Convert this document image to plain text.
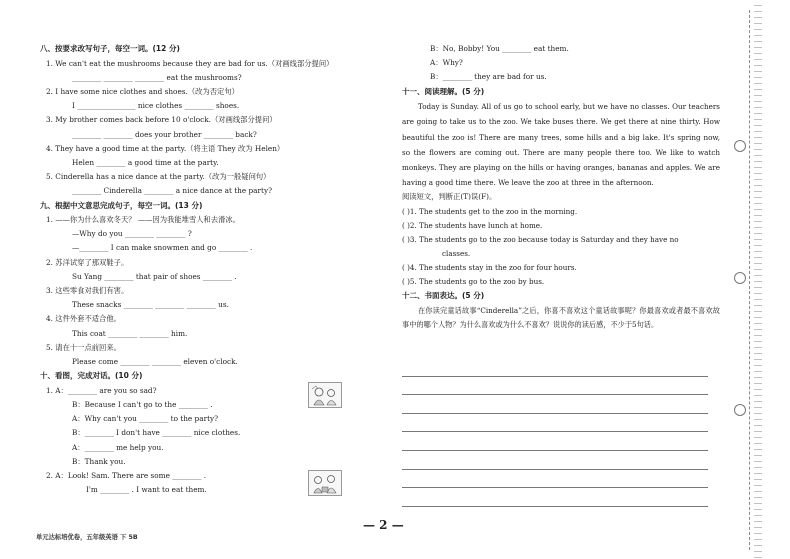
八、按要求改写句子，每空一词。(12 分)
1. We can't eat the mushrooms because they are bad for us.（对画线部分提问）
________ ________ ________ eat the mushrooms?
2. I have some nice clothes and shoes.（改为否定句）
I ________________ nice clothes ________ shoes.
3. My brother comes back before 10 o'clock.（对画线部分提问）
________ ________ does your brother ________ back?
4. They have a good time at the party.（将主语 They 改为 Helen）
Helen ________ a good time at the party.
5. Cinderella has a nice dance at the party.（改为一般疑问句）
________ Cinderella ________ a nice dance at the party?
九、根据中文意思完成句子，每空一词。(13 分)
1. ——你为什么喜欢冬天？ ——因为我能堆雪人和去滑冰。
—Why do you ________ ________ ?
—________ I can make snowmen and go ________ .
2. 苏洋试穿了那双鞋子。
Su Yang ________ that pair of shoes ________ .
3. 这些零食对我们有害。
These snacks ________ ________ ________ us.
4. 这件外套不适合他。
This coat ________ ________ him.
5. 请在十一点前回来。
Please come ________ ________ eleven o'clock.
十、看图，完成对话。(10 分)
1. A：________ are you so sad?
B：Because I can't go to the ________ .
A：Why can't you ________ to the party?
B：________ I don't have ________ nice clothes.
A：________ me help you.
B：Thank you.
2. A：Look! Sam. There are some ________ .
I'm ________ . I want to eat them.
B：No, Bobby! You ________ eat them.
A：Why?
B：________ they are bad for us.
十一、阅读理解。(5 分)
Today is Sunday. All of us go to school early, but we have no classes. Our teachers are going to take us to the zoo. We take buses there. We get there at nine thirty. How beautiful the zoo is! There are many trees, some hills and a big lake. It's spring now, so the flowers are coming out. There are many people there too. We like to watch monkeys. They are playing on the hills or having oranges, bananas and apples. We are having a good time there. We leave the zoo at three in the afternoon.
阅读短文，判断正(T)误(F)。
( )1. The students get to the zoo in the morning.
( )2. The students have lunch at home.
( )3. The students go to the zoo because today is Saturday and they have no
classes.
( )4. The students stay in the zoo for four hours.
( )5. The students go to the zoo by bus.
十二、书面表达。(5 分)
在你读完童话故事“Cinderella”之后，你喜不喜欢这个童话故事呢？你最喜欢或者最不喜欢故事中的哪个人物？为什么喜欢或为什么不喜欢？说说你的读后感，不少于5句话。
— 2 —
单元达标培优卷，五年级英语 下 5B
